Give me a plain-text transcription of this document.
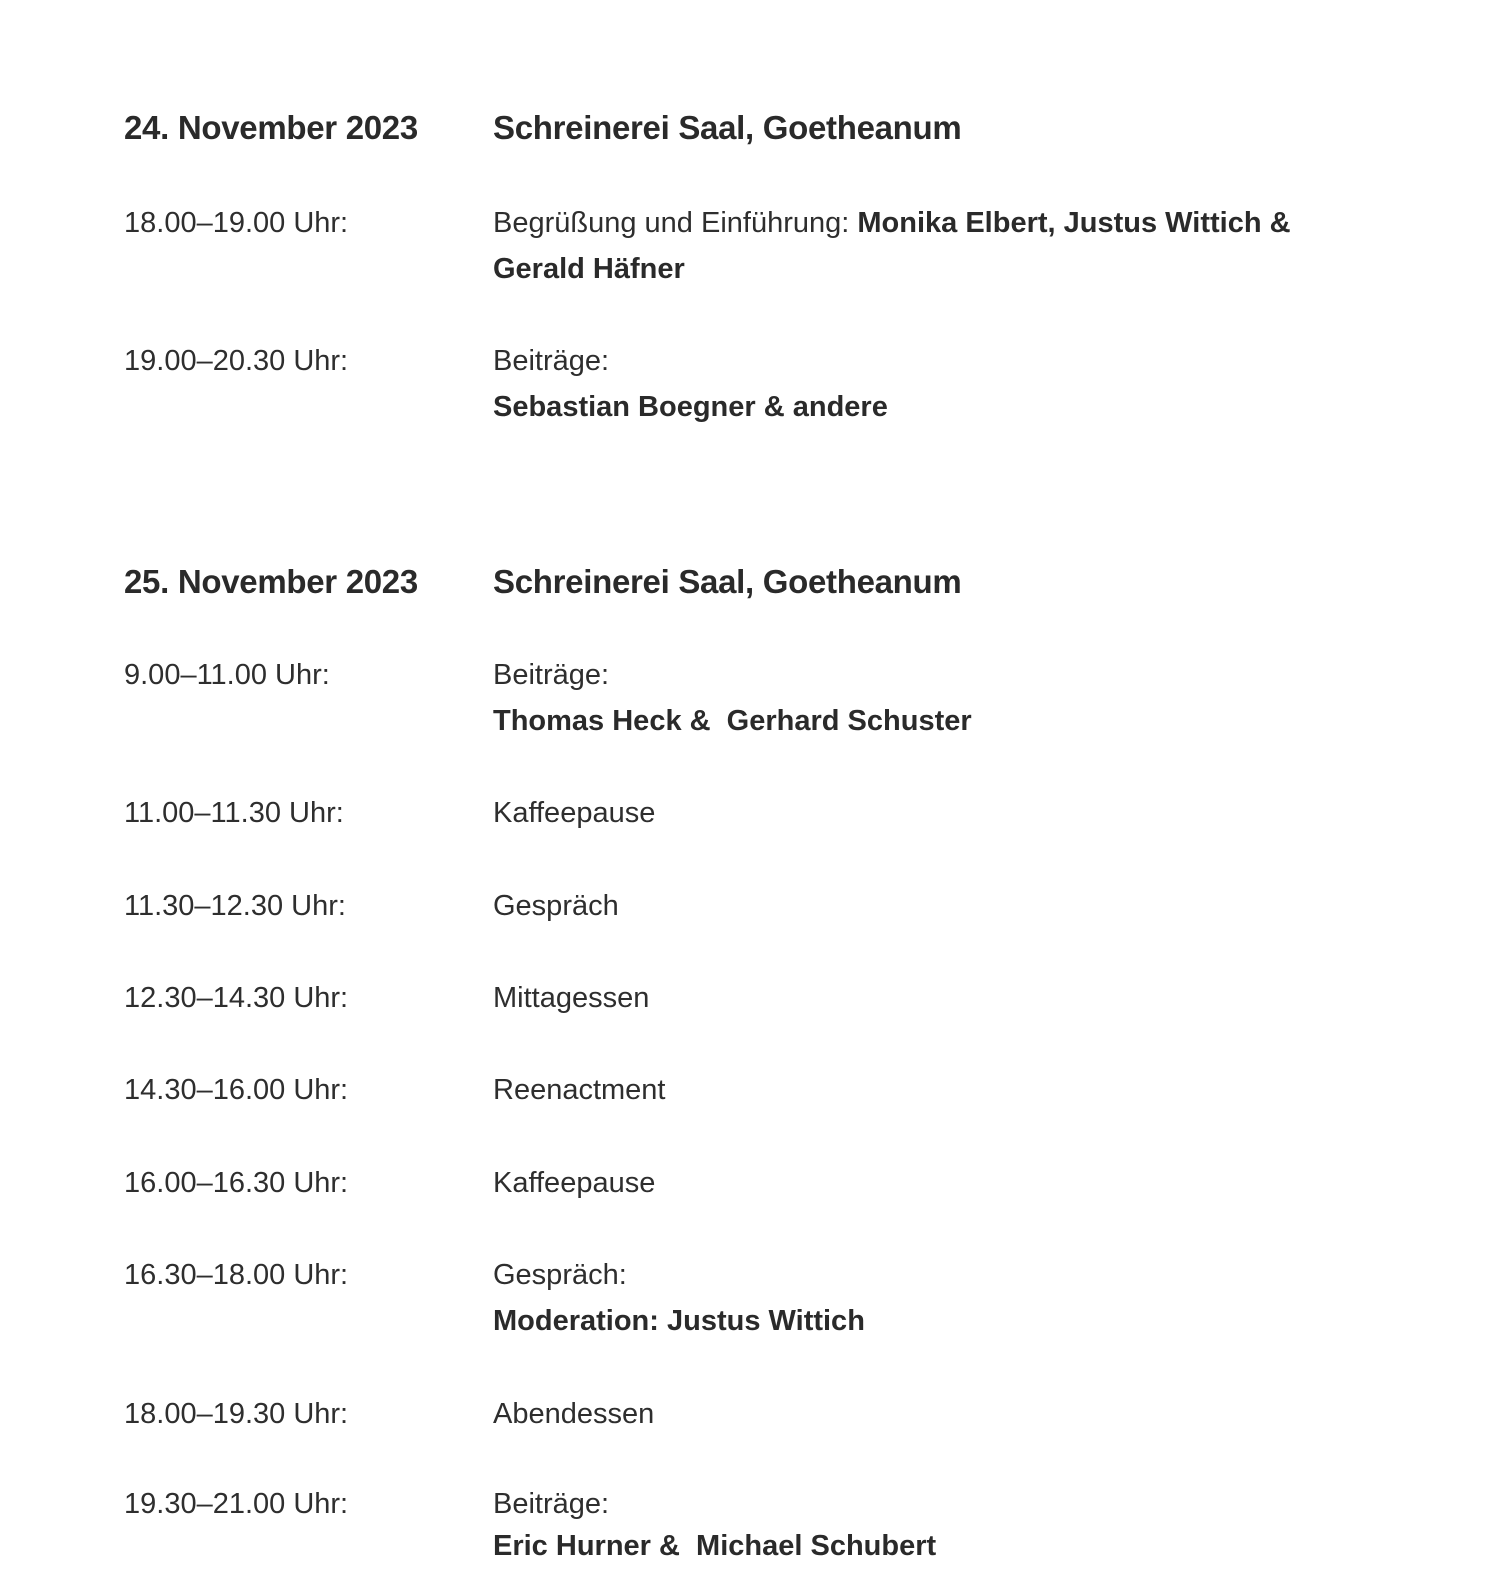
24. November 2023 Schreinerei Saal, Goetheanum
18.00–19.00 Uhr:	Begrüßung und Einführung: Monika Elbert, Justus Wittich & Gerald Häfner
19.00–20.30 Uhr:	Beiträge:
Sebastian Boegner & andere
25. November 2023 Schreinerei Saal, Goetheanum
9.00–11.00 Uhr:	Beiträge:
Thomas Heck &  Gerhard Schuster
11.00–11.30 Uhr:	Kaffeepause
11.30–12.30 Uhr:	Gespräch
12.30–14.30 Uhr:	Mittagessen
14.30–16.00 Uhr:	Reenactment
16.00–16.30 Uhr:	Kaffeepause
16.30–18.00 Uhr:	Gespräch:
Moderation: Justus Wittich
18.00–19.30 Uhr:	Abendessen
19.30–21.00 Uhr:	Beiträge:
Eric Hurner &  Michael Schubert
